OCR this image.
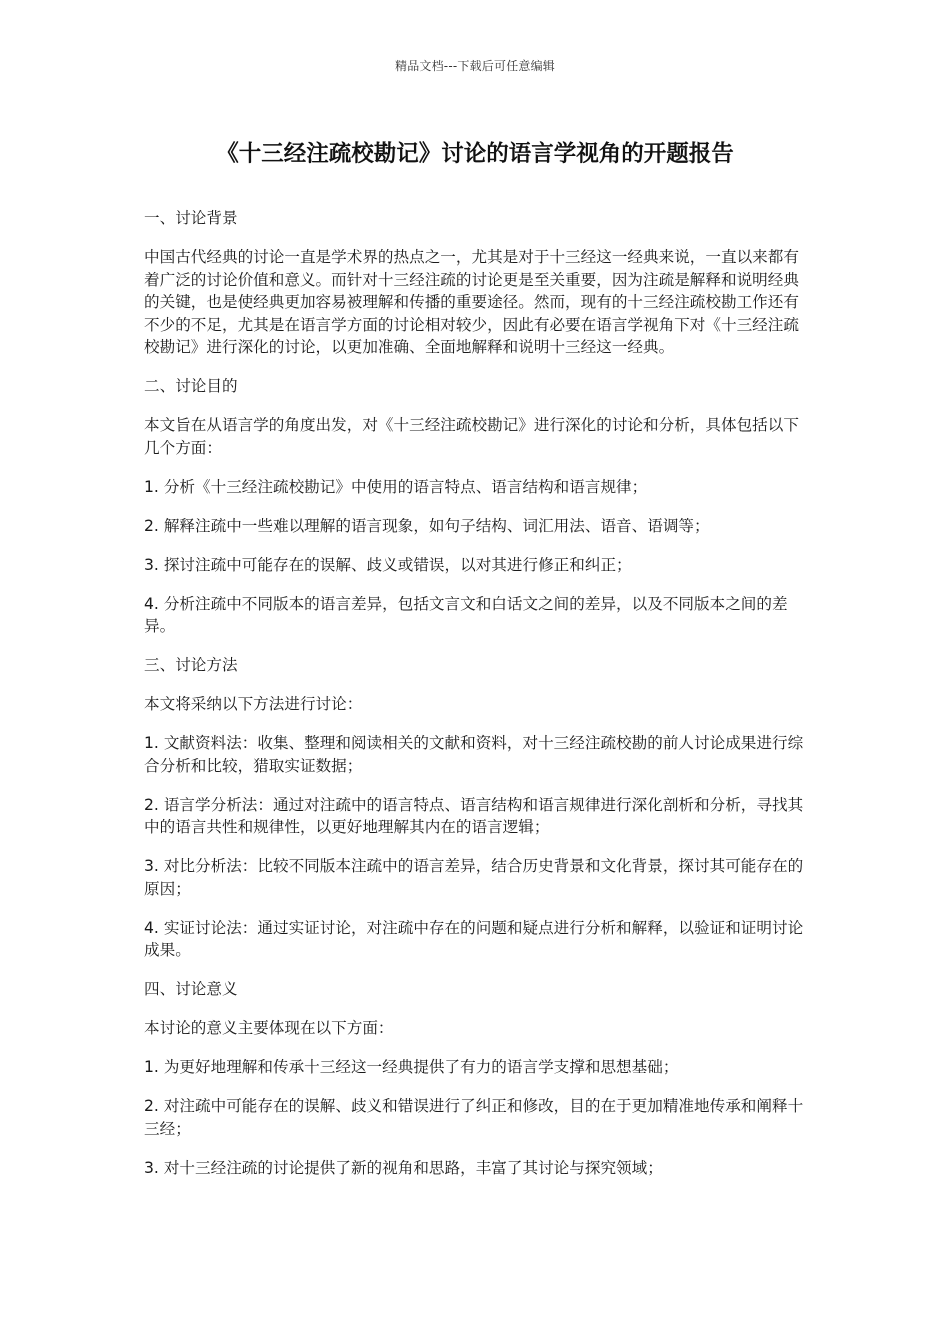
精品文档---下载后可任意编辑
《十三经注疏校勘记》讨论的语言学视角的开题报告

一、讨论背景

中国古代经典的讨论一直是学术界的热点之一，尤其是对于十三经这一经典来说，一直以来都有着广泛的讨论价值和意义。而针对十三经注疏的讨论更是至关重要，因为注疏是解释和说明经典的关键，也是使经典更加容易被理解和传播的重要途径。然而，现有的十三经注疏校勘工作还有不少的不足，尤其是在语言学方面的讨论相对较少，因此有必要在语言学视角下对《十三经注疏校勘记》进行深化的讨论，以更加准确、全面地解释和说明十三经这一经典。

二、讨论目的

本文旨在从语言学的角度出发，对《十三经注疏校勘记》进行深化的讨论和分析，具体包括以下几个方面：

1. 分析《十三经注疏校勘记》中使用的语言特点、语言结构和语言规律；

2. 解释注疏中一些难以理解的语言现象，如句子结构、词汇用法、语音、语调等；

3. 探讨注疏中可能存在的误解、歧义或错误，以对其进行修正和纠正；

4. 分析注疏中不同版本的语言差异，包括文言文和白话文之间的差异，以及不同版本之间的差异。

三、讨论方法

本文将采纳以下方法进行讨论：

1. 文献资料法：收集、整理和阅读相关的文献和资料，对十三经注疏校勘的前人讨论成果进行综合分析和比较，猎取实证数据；

2. 语言学分析法：通过对注疏中的语言特点、语言结构和语言规律进行深化剖析和分析，寻找其中的语言共性和规律性，以更好地理解其内在的语言逻辑；

3. 对比分析法：比较不同版本注疏中的语言差异，结合历史背景和文化背景，探讨其可能存在的原因；

4. 实证讨论法：通过实证讨论，对注疏中存在的问题和疑点进行分析和解释，以验证和证明讨论成果。

四、讨论意义

本讨论的意义主要体现在以下方面：

1. 为更好地理解和传承十三经这一经典提供了有力的语言学支撑和思想基础；

2. 对注疏中可能存在的误解、歧义和错误进行了纠正和修改，目的在于更加精准地传承和阐释十三经；

3. 对十三经注疏的讨论提供了新的视角和思路，丰富了其讨论与探究领域；
